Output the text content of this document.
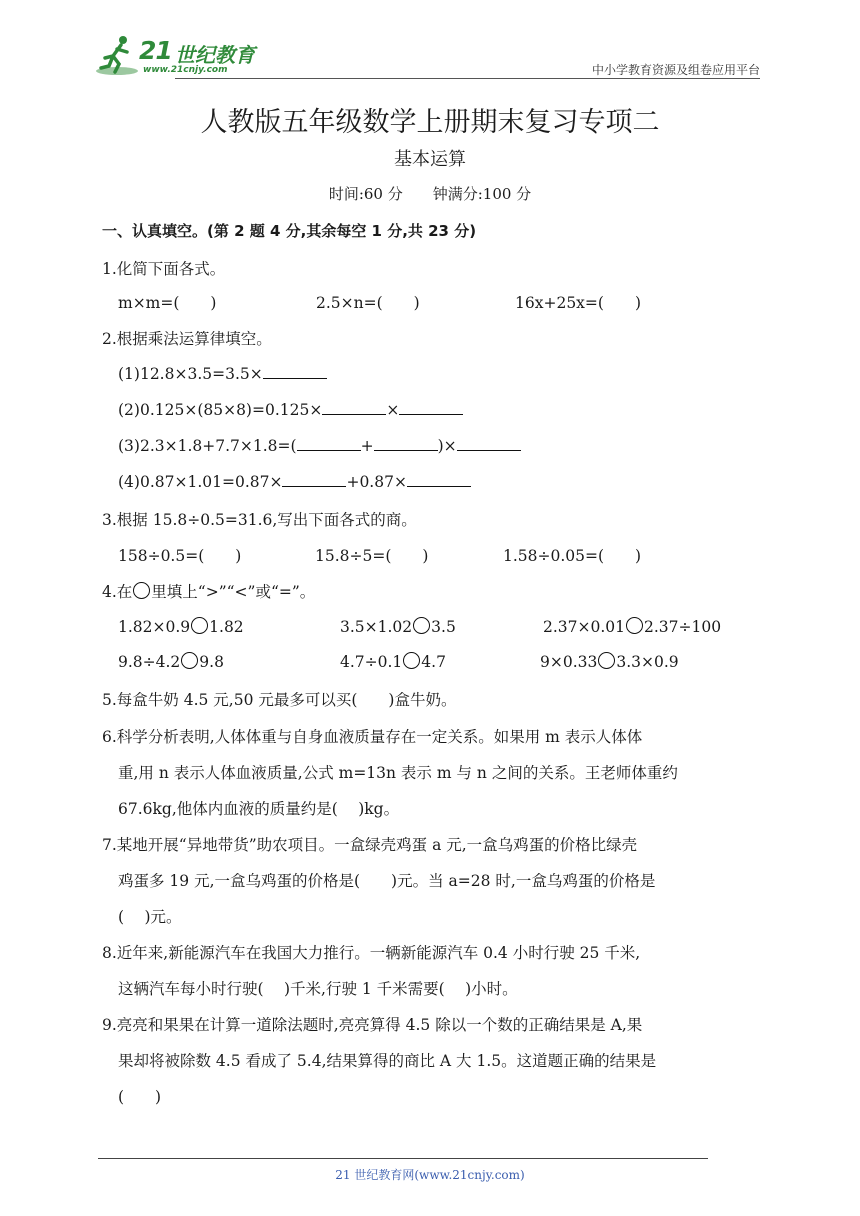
21 世纪教育
www.21cnjy.com	中小学教育资源及组卷应用平台
人教版五年级数学上册期末复习专项二
基本运算
时间:60 分 钟满分:100 分
一、认真填空。(第 2 题 4 分,其余每空 1 分,共 23 分)
1.化简下面各式。
m×m=(　　)	2.5×n=(　　)	16x+25x=(　　)
2.根据乘法运算律填空。
(1)12.8×3.5=3.5×
(2)0.125×(85×8)=0.125×	×
(3)2.3×1.8+7.7×1.8=(	+	)×
(4)0.87×1.01=0.87×	+0.87×
3.根据 15.8÷0.5=31.6,写出下面各式的商。
158÷0.5=(　　)	15.8÷5=(　　)	1.58÷0.05=(　　)
4.在 里填上“>”“<”或“=”。
1.82×0.9 1.82	3.5×1.02 3.5	2.37×0.01 2.37÷100
9.8÷4.2 9.8	4.7÷0.1 4.7	9×0.33 3.3×0.9
5.每盒牛奶 4.5 元,50 元最多可以买(　　)盒牛奶。
6.科学分析表明,人体体重与自身血液质量存在一定关系。如果用 m 表示人体体
重,用 n 表示人体血液质量,公式 m=13n 表示 m 与 n 之间的关系。王老师体重约
67.6kg,他体内血液的质量约是(　 )kg。
7.某地开展“异地带货”助农项目。一盒绿壳鸡蛋 a 元,一盒乌鸡蛋的价格比绿壳
鸡蛋多 19 元,一盒乌鸡蛋的价格是(　　)元。当 a=28 时,一盒乌鸡蛋的价格是
(　 )元。
8.近年来,新能源汽车在我国大力推行。一辆新能源汽车 0.4 小时行驶 25 千米,
这辆汽车每小时行驶(　 )千米,行驶 1 千米需要(　 )小时。
9.亮亮和果果在计算一道除法题时,亮亮算得 4.5 除以一个数的正确结果是 A,果
果却将被除数 4.5 看成了 5.4,结果算得的商比 A 大 1.5。这道题正确的结果是
(　　)
21 世纪教育网(www.21cnjy.com)
